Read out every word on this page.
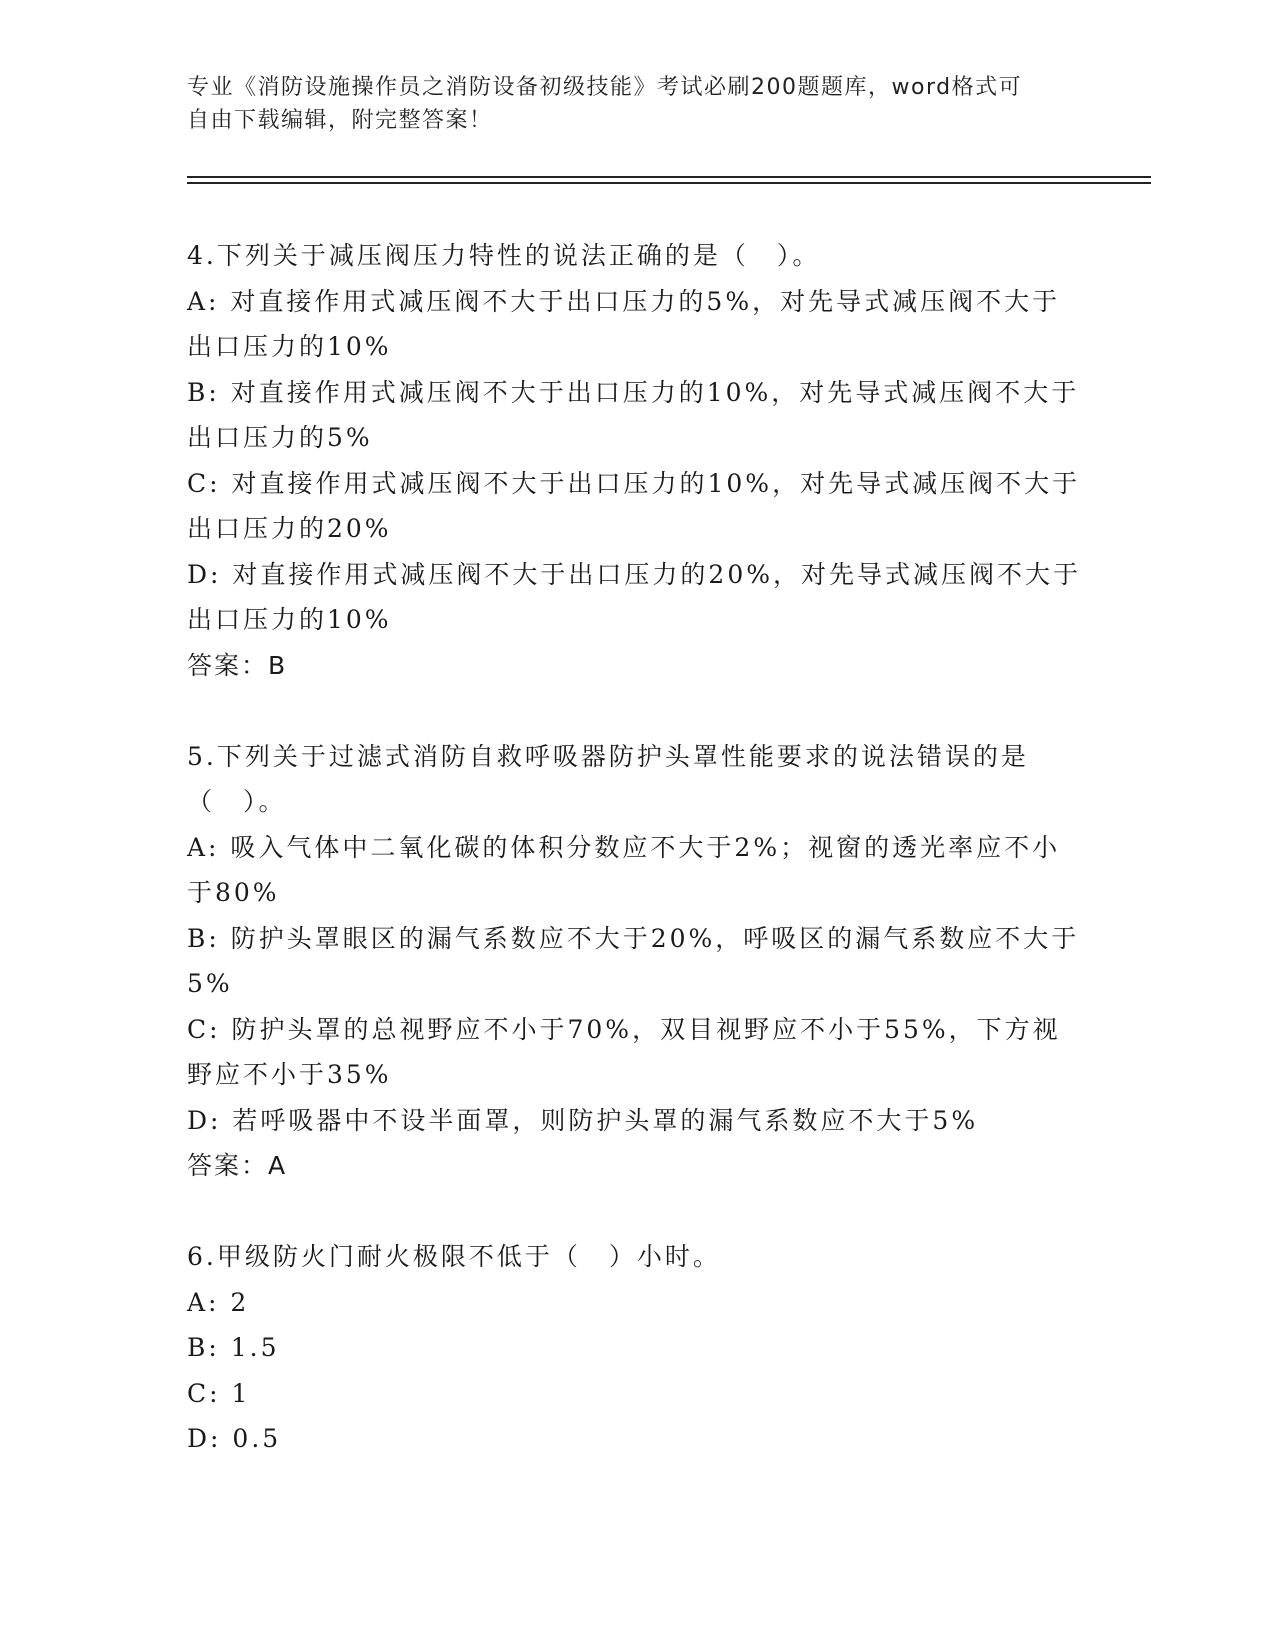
专业《消防设施操作员之消防设备初级技能》考试必刷200题题库，word格式可
自由下载编辑，附完整答案！

4.下列关于减压阀压力特性的说法正确的是（　）。

A: 对直接作用式减压阀不大于出口压力的5%，对先导式减压阀不大于出口压力的10%

B: 对直接作用式减压阀不大于出口压力的10%，对先导式减压阀不大于出口压力的5%

C: 对直接作用式减压阀不大于出口压力的10%，对先导式减压阀不大于出口压力的20%

D: 对直接作用式减压阀不大于出口压力的20%，对先导式减压阀不大于出口压力的10%

答案：B

5.下列关于过滤式消防自救呼吸器防护头罩性能要求的说法错误的是（　）。

A: 吸入气体中二氧化碳的体积分数应不大于2%；视窗的透光率应不小于80%

B: 防护头罩眼区的漏气系数应不大于20%，呼吸区的漏气系数应不大于5%

C: 防护头罩的总视野应不小于70%，双目视野应不小于55%，下方视野应不小于35%

D: 若呼吸器中不设半面罩，则防护头罩的漏气系数应不大于5%

答案：A

6.甲级防火门耐火极限不低于（　）小时。

A: 2

B: 1.5

C: 1

D: 0.5
